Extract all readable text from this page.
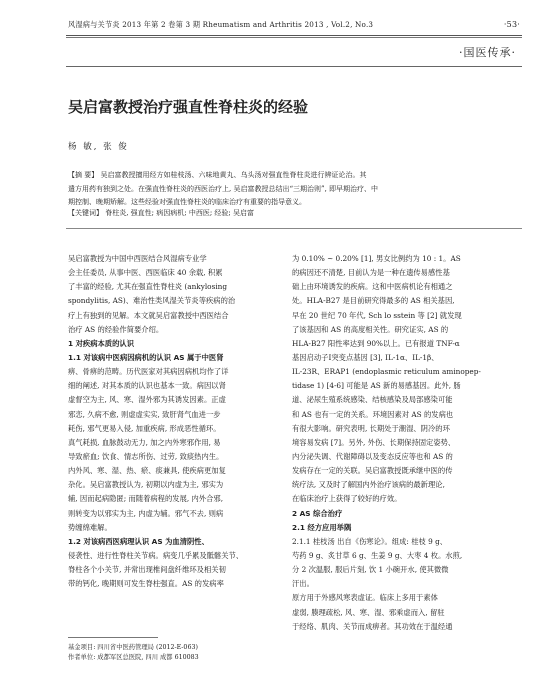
风湿病与关节炎 2013 年第 2 卷第 3 期 Rheumatism and Arthritis 2013 , Vol.2, No.3	·53·
·国医传承·
吴启富教授治疗强直性脊柱炎的经验
杨 敏, 张 俊
【摘 要】 吴启富教授擅用经方如桂枝汤、六味地黄丸、乌头汤对强直性脊柱炎进行辨证论治。其
遣方用药有独到之处。在强直性脊柱炎的西医治疗上, 吴启富教授总结出“三期治则”, 即早期治疗、中
期控制、晚期矫解。这些经验对强直性脊柱炎的临床治疗有重要的指导意义。
【关键词】 脊柱炎, 强直性; 病因病机; 中西医; 经验; 吴启富
吴启富教授为中国中西医结合风湿病专业学
会主任委员, 从事中医、西医临床 40 余载, 积累
了丰富的经验, 尤其在强直性脊柱炎 (ankylosing
spondylitis, AS)、难治性类风湿关节炎等疾病的治
疗上有独到的见解。本文就吴启富教授中西医结合
治疗 AS 的经验作简要介绍。
1 对疾病本质的认识
1.1 对该病中医病因病机的认识 AS 属于中医肾
痹、骨痹的范畴。历代医家对其病因病机均作了详
细的阐述, 对其本质的认识也基本一致。病因以肾
虚督空为主, 风、寒、湿外邪为其诱发因素。正虚
邪恋, 久病不愈, 则虚虚实实, 致肝肾气血进一步
耗伤, 邪气更易入侵, 加重疾病, 形成恶性循环。
真气耗损, 血脉鼓动无力, 加之内外寒邪作用, 易
导致瘀血; 饮食、情志所伤、过劳, 致痰热内生。
内外风、寒、湿、热、瘀、痰兼具, 使疾病更加复
杂化。吴启富教授认为, 初期以内虚为主, 邪实为
辅, 因而起病隐匿; 而随着病程的发展, 内外合邪,
则转变为以邪实为主, 内虚为辅。邪气不去, 则病
势缠绵难解。
1.2 对该病西医病理认识 AS 为血清阴性、
侵袭性、进行性脊柱关节病。病变几乎累及骶髂关节、
脊柱各个小关节, 并常出现椎间盘纤维环及相关韧
带的钙化, 晚期则可发生脊柱强直。AS 的发病率
为 0.10% ~ 0.20% [1], 男女比例约为 10 : 1。AS
的病因还不清楚, 目前认为是一种在遗传易感性基
础上由环境诱发的疾病。这和中医病机论有相通之
处。HLA-B27 是目前研究得最多的 AS 相关基因,
早在 20 世纪 70 年代, Sch lo sstein 等 [2] 就发现
了该基因和 AS 的高度相关性。研究证实, AS 的
HLA-B27 阳性率达到 90%以上。已有报道 TNF-α
基因启动子Ⅰ突变点基因 [3], IL-1α、IL-1β、
IL-23R、ERAP1 (endoplasmic reticulum aminopep-
tidase 1) [4-6] 可能是 AS 新的易感基因。此外, 肠
道、泌尿生殖系统感染、结核感染及局部感染可能
和 AS 也有一定的关系。环境因素对 AS 的发病也
有很大影响。研究表明, 长期处于潮湿、阴冷的环
境容易发病 [7]。另外, 外伤、长期保持固定姿势、
内分泌失调、代谢障碍以及变态反应等也和 AS 的
发病存在一定的关联。吴启富教授既承继中医的传
统疗法, 又及时了解国内外治疗该病的最新理论,
在临床治疗上获得了较好的疗效。
2 AS 综合治疗
2.1 经方应用举隅
2.1.1 桂枝汤 出自《伤寒论》。组成: 桂枝 9 g、
芍药 9 g、炙甘草 6 g、生姜 9 g、大枣 4 枚。水煎,
分 2 次温服, 服后片刻, 饮 1 小碗开水, 使其微微
汗出。
原方用于外感风寒表虚证。临床上多用于素体
虚弱, 腠理疏松, 风、寒、湿、邪乘虚而入, 留驻
于经络、肌肉、关节而成痹者。其功效在于温经通
基金项目: 四川省中医药管理局 (2012-E-063)
作者单位: 成都军区总医院, 四川 成都 610083
